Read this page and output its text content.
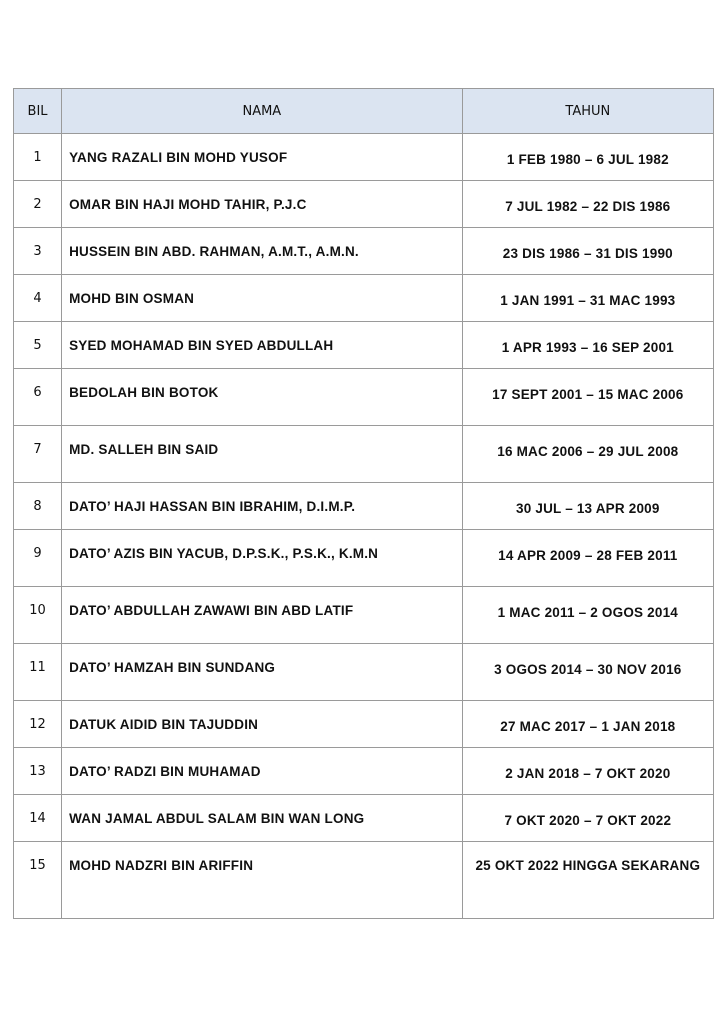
BIL	NAMA	TAHUN
1	YANG RAZALI BIN MOHD YUSOF	1 FEB 1980 – 6 JUL 1982
2	OMAR BIN HAJI MOHD TAHIR, P.J.C	7 JUL 1982 – 22 DIS 1986
3	HUSSEIN BIN ABD. RAHMAN, A.M.T., A.M.N.	23 DIS 1986 – 31 DIS 1990
4	MOHD BIN OSMAN	1 JAN 1991 – 31 MAC 1993
5	SYED MOHAMAD BIN SYED ABDULLAH	1 APR 1993 – 16 SEP 2001
6	BEDOLAH BIN BOTOK	17 SEPT 2001 – 15 MAC 2006
7	MD. SALLEH BIN SAID	16 MAC 2006 – 29 JUL 2008
8	DATO’ HAJI HASSAN BIN IBRAHIM, D.I.M.P.	30 JUL – 13 APR 2009
9	DATO’ AZIS BIN YACUB, D.P.S.K., P.S.K., K.M.N	14 APR 2009 – 28 FEB 2011
10	DATO’ ABDULLAH ZAWAWI BIN ABD LATIF	1 MAC 2011 – 2 OGOS 2014
11	DATO’ HAMZAH BIN SUNDANG	3 OGOS 2014 – 30 NOV 2016
12	DATUK AIDID BIN TAJUDDIN	27 MAC 2017 – 1 JAN 2018
13	DATO’ RADZI BIN MUHAMAD	2 JAN 2018 – 7 OKT 2020
14	WAN JAMAL ABDUL SALAM BIN WAN LONG	7 OKT 2020 – 7 OKT 2022
15	MOHD NADZRI BIN ARIFFIN	25 OKT 2022 HINGGA SEKARANG
